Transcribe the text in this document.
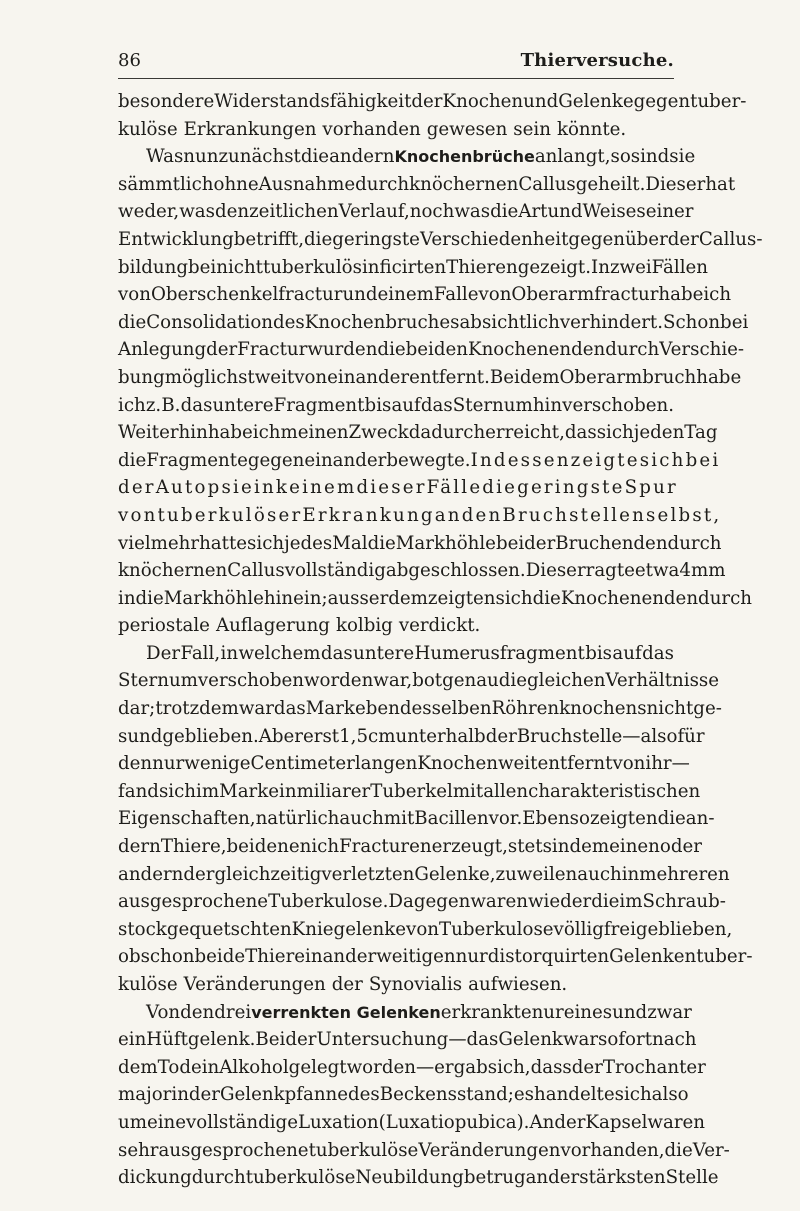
86	Thierversuche.
besondere Widerstandsfähigkeit der Knochen und Gelenke gegen tuber-
kulöse Erkrankungen vorhanden gewesen sein könnte.
Was nun zunächst die andern Knochenbrüche anlangt, so sind sie
sämmtlich ohne Ausnahme durch knöchernen Callus geheilt. Dieser hat
weder, was den zeitlichen Verlauf, noch was die Art und Weise seiner
Entwicklung betrifft, die geringste Verschiedenheit gegenüber der Callus-
bildung bei nicht tuberkulös inficirten Thieren gezeigt. In zwei Fällen
von Oberschenkelfractur und einem Falle von Oberarmfractur habe ich
die Consolidation des Knochenbruches absichtlich verhindert. Schon bei
Anlegung der Fractur wurden die beiden Knochenenden durch Verschie-
bung möglichst weit von einander entfernt. Bei dem Oberarmbruch habe
ich z. B. das untere Fragment bis auf das Sternum hin verschoben.
Weiterhin habe ich meinen Zweck dadurch erreicht, dass ich jeden Tag
die Fragmente gegen einander bewegte. Indessen zeigte sich bei
der Autopsie in keinem dieser Fälle die geringste Spur
von tuberkulöser Erkrankung an den Bruchstellen selbst,
vielmehr hatte sich jedes Mal die Markhöhle beider Bruchenden durch
knöchernen Callus vollständig abgeschlossen. Dieser ragte etwa 4 mm
in die Markhöhle hinein; ausserdem zeigten sich die Knochenenden durch
periostale Auflagerung kolbig verdickt.
Der Fall, in welchem das untere Humerusfragment bis auf das
Sternum verschoben worden war, bot genau die gleichen Verhältnisse
dar; trotzdem war das Mark eben desselben Röhrenknochens nicht ge-
sund geblieben. Aber erst 1,5 cm unterhalb der Bruchstelle — also für
den nur wenige Centimeter langen Knochen weit entfernt von ihr —
fand sich im Mark ein miliarer Tuberkel mit allen charakteristischen
Eigenschaften, natürlich auch mit Bacillen vor. Ebenso zeigten die an-
dern Thiere, bei denen ich Fracturen erzeugt, stets in dem einen oder
andern der gleichzeitig verletzten Gelenke, zuweilen auch in mehreren
ausgesprochene Tuberkulose. Dagegen waren wieder die im Schraub-
stock gequetschten Kniegelenke von Tuberkulose völlig frei geblieben,
obschon beide Thiere in anderweitigen nur distorquirten Gelenken tuber-
kulöse Veränderungen der Synovialis aufwiesen.
Von den drei verrenkten Gelenken erkrankte nur eines und zwar
ein Hüftgelenk. Bei der Untersuchung — das Gelenk war sofort nach
dem Tode in Alkohol gelegt worden — ergab sich, dass der Trochanter
major in der Gelenkpfanne des Beckens stand; es handelte sich also
um eine vollständige Luxation (Luxatio pubica). An der Kapsel waren
sehr ausgesprochene tuberkulöse Veränderungen vorhanden, die Ver-
dickung durch tuberkulöse Neubildung betrug an der stärksten Stelle
